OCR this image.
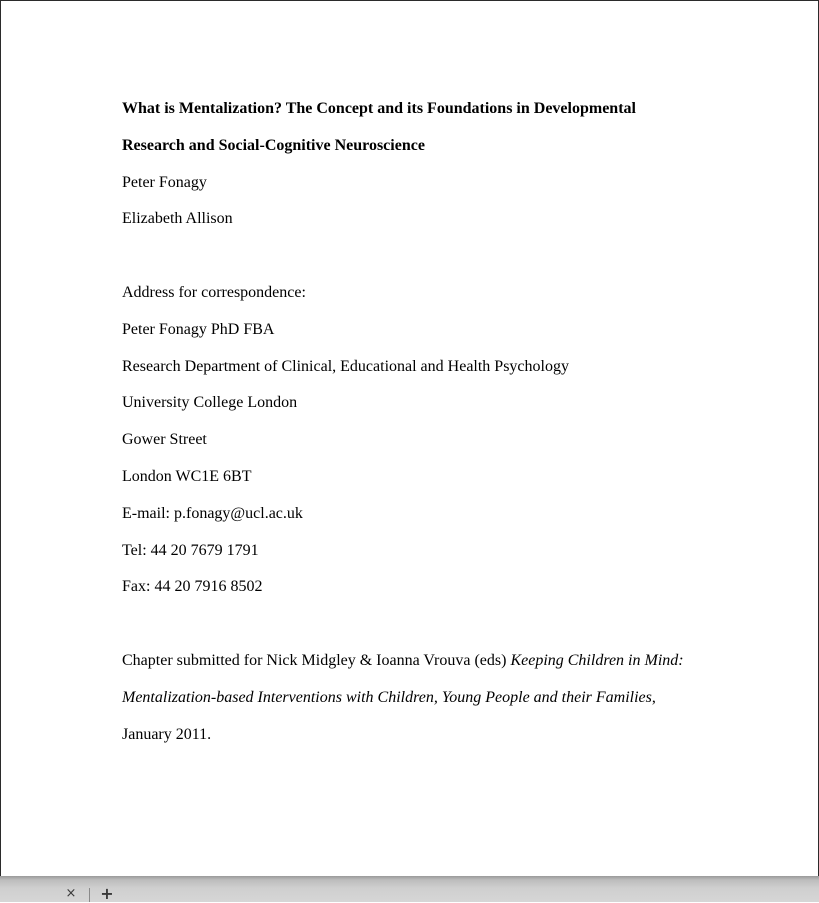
What is Mentalization? The Concept and its Foundations in Developmental

Research and Social-Cognitive Neuroscience

Peter Fonagy

Elizabeth Allison

Address for correspondence:

Peter Fonagy PhD FBA

Research Department of Clinical, Educational and Health Psychology

University College London

Gower Street

London WC1E 6BT

E-mail: p.fonagy@ucl.ac.uk

Tel: 44 20 7679 1791

Fax: 44 20 7916 8502

Chapter submitted for Nick Midgley & Ioanna Vrouva (eds) Keeping Children in Mind:

Mentalization-based Interventions with Children, Young People and their Families,

January 2011.

× +
